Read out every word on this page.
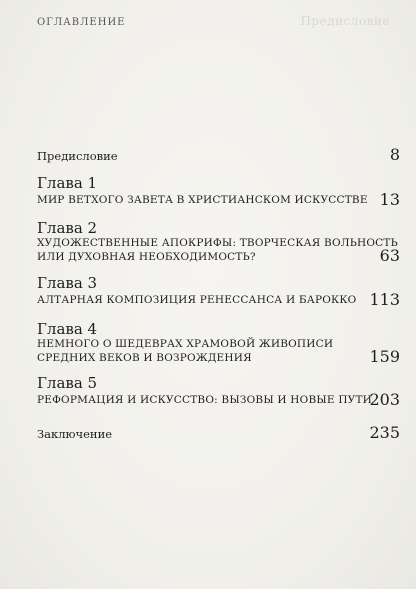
ОГЛАВЛЕНИЕ	Предисловие
Предисловие	8
Глава 1
МИР ВЕТХОГО ЗАВЕТА В ХРИСТИАНСКОМ ИСКУССТВЕ 13
Глава 2
ХУДОЖЕСТВЕННЫЕ АПОКРИФЫ: ТВОРЧЕСКАЯ ВОЛЬНОСТЬ
ИЛИ ДУХОВНАЯ НЕОБХОДИМОСТЬ?	63
Глава 3
АЛТАРНАЯ КОМПОЗИЦИЯ РЕНЕССАНСА И БАРОККО 113
Глава 4
НЕМНОГО О ШЕДЕВРАХ ХРАМОВОЙ ЖИВОПИСИ
СРЕДНИХ ВЕКОВ И ВОЗРОЖДЕНИЯ	159
Глава 5
РЕФОРМАЦИЯ И ИСКУССТВО: ВЫЗОВЫ И НОВЫЕ ПУТИ
203
Заключение	235
